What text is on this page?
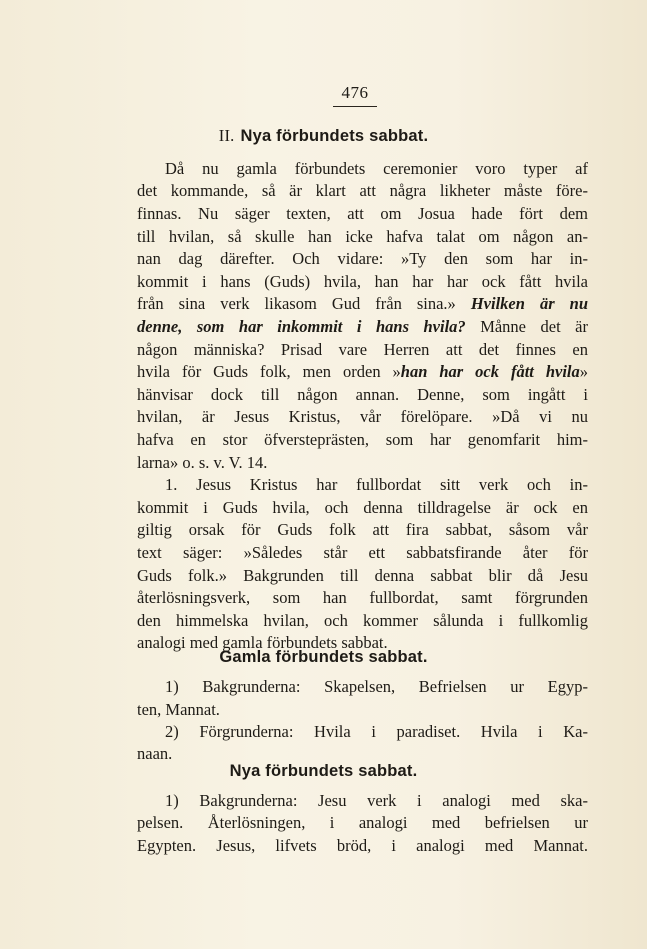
476
II. Nya förbundets sabbat.
Då nu gamla förbundets ceremonier voro typer af
det kommande, så är klart att några likheter måste före-
finnas. Nu säger texten, att om Josua hade fört dem
till hvilan, så skulle han icke hafva talat om någon an-
nan dag därefter. Och vidare: »Ty den som har in-
kommit i hans (Guds) hvila, han har har ock fått hvila
från sina verk likasom Gud från sina.» Hvilken är nu
denne, som har inkommit i hans hvila? Månne det är
någon människa? Prisad vare Herren att det finnes en
hvila för Guds folk, men orden »han har ock fått hvila»
hänvisar dock till någon annan. Denne, som ingått i
hvilan, är Jesus Kristus, vår förelöpare. »Då vi nu
hafva en stor öfversteprästen, som har genomfarit him-
larna» o. s. v. V. 14.
1. Jesus Kristus har fullbordat sitt verk och in-
kommit i Guds hvila, och denna tilldragelse är ock en
giltig orsak för Guds folk att fira sabbat, såsom vår
text säger: »Således står ett sabbatsfirande åter för
Guds folk.» Bakgrunden till denna sabbat blir då Jesu
återlösningsverk, som han fullbordat, samt förgrunden
den himmelska hvilan, och kommer sålunda i fullkomlig
analogi med gamla förbundets sabbat.
Gamla förbundets sabbat.
1) Bakgrunderna: Skapelsen, Befrielsen ur Egyp-
ten, Mannat.
2) Förgrunderna: Hvila i paradiset. Hvila i Ka-
naan.
Nya förbundets sabbat.
1) Bakgrunderna: Jesu verk i analogi med ska-
pelsen. Återlösningen, i analogi med befrielsen ur
Egypten. Jesus, lifvets bröd, i analogi med Mannat.
